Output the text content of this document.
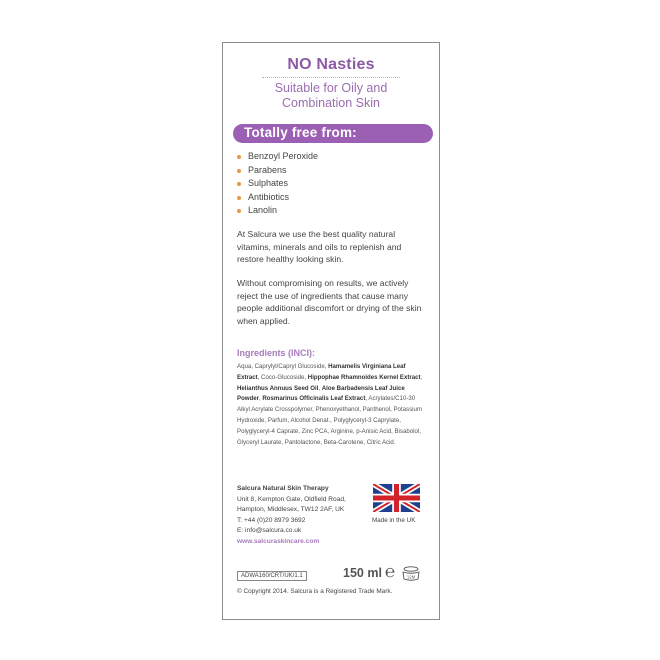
NO Nasties
Suitable for Oily and
Combination Skin
Totally free from:
Benzoyl Peroxide
Parabens
Sulphates
Antibiotics
Lanolin

At Salcura we use the best quality natural vitamins, minerals and oils to replenish and restore healthy looking skin.

Without compromising on results, we actively reject the use of ingredients that cause many people additional discomfort or drying of the skin when applied.

Ingredients (INCI):

Aqua, Caprylyl/Capryl Glucoside, Hamamelis Virginiana Leaf Extract, Coco-Glucoside, Hippophae Rhamnoides Kernel Extract, Helianthus Annuus Seed Oil, Aloe Barbadensis Leaf Juice Powder, Rosmarinus Officinalis Leaf Extract, Acrylates/C10-30 Alkyl Acrylate Crosspolymer, Phenoxyethanol, Panthenol, Potassium Hydroxide, Parfum, Alcohol Denat., Polyglyceryl-3 Caprylate, Polyglyceryl-4 Caprate, Zinc PCA, Arginine, p-Anisic Acid, Bisabolol, Glyceryl Laurate, Pantolactone, Beta-Carotene, Citric Acid.

Salcura Natural Skin Therapy
Unit 8, Kempton Gate, Oldfield Road,
Hampton, Middlesex, TW12 2AF, UK
T: +44 (0)20 8979 3692
E: info@salcura.co.uk
www.salcuraskincare.com
Made in the UK
ADWA160/CRT/UK/1.1	150 ml ℮	12M
© Copyright 2014. Salcura is a Registered Trade Mark.
